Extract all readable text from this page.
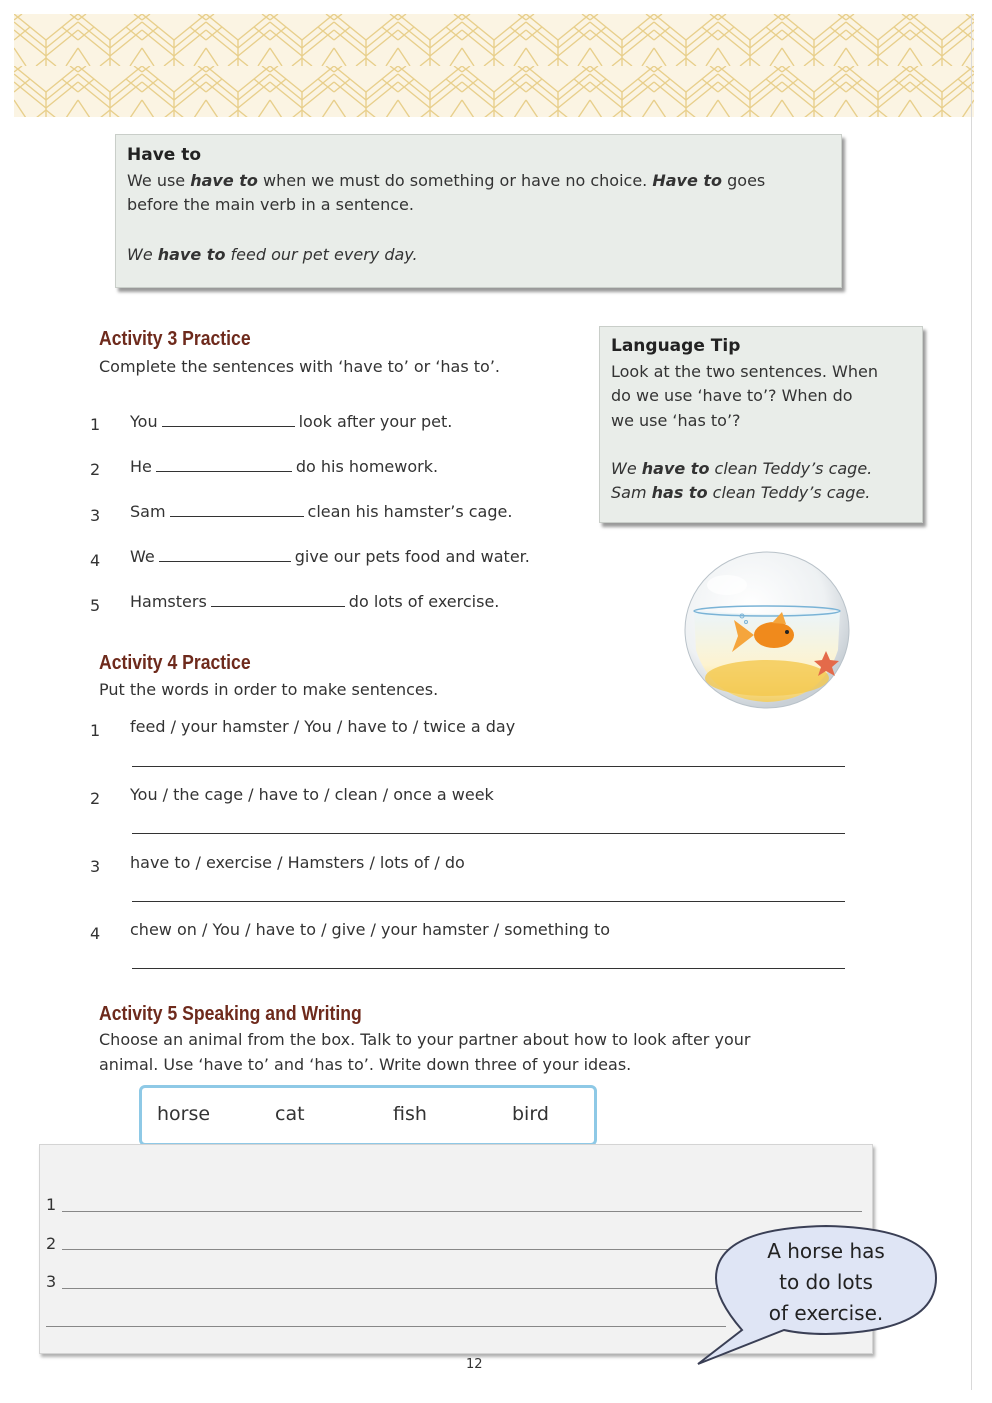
Have to
We use have to when we must do something or have no choice. Have to goes
before the main verb in a sentence.
We have to feed our pet every day.
Activity 3 Practice
Complete the sentences with ‘have to’ or ‘has to’.
1 You	look after your pet.
2 He	do his homework.
3 Sam	clean his hamster’s cage.
4 We	give our pets food and water.
5 Hamsters	do lots of exercise.
Language Tip
Look at the two sentences. When
do we use ‘have to’? When do
we use ‘has to’?
We have to clean Teddy’s cage.
Sam has to clean Teddy’s cage.
Activity 4 Practice
Put the words in order to make sentences.
1 feed / your hamster / You / have to / twice a day
2 You / the cage / have to / clean / once a week
3 have to / exercise / Hamsters / lots of / do
4 chew on / You / have to / give / your hamster / something to
Activity 5 Speaking and Writing
Choose an animal from the box. Talk to your partner about how to look after your
animal. Use ‘have to’ and ‘has to’. Write down three of your ideas.
horse	cat	fish	bird
1
2
3
A horse has
to do lots
of exercise.
12
